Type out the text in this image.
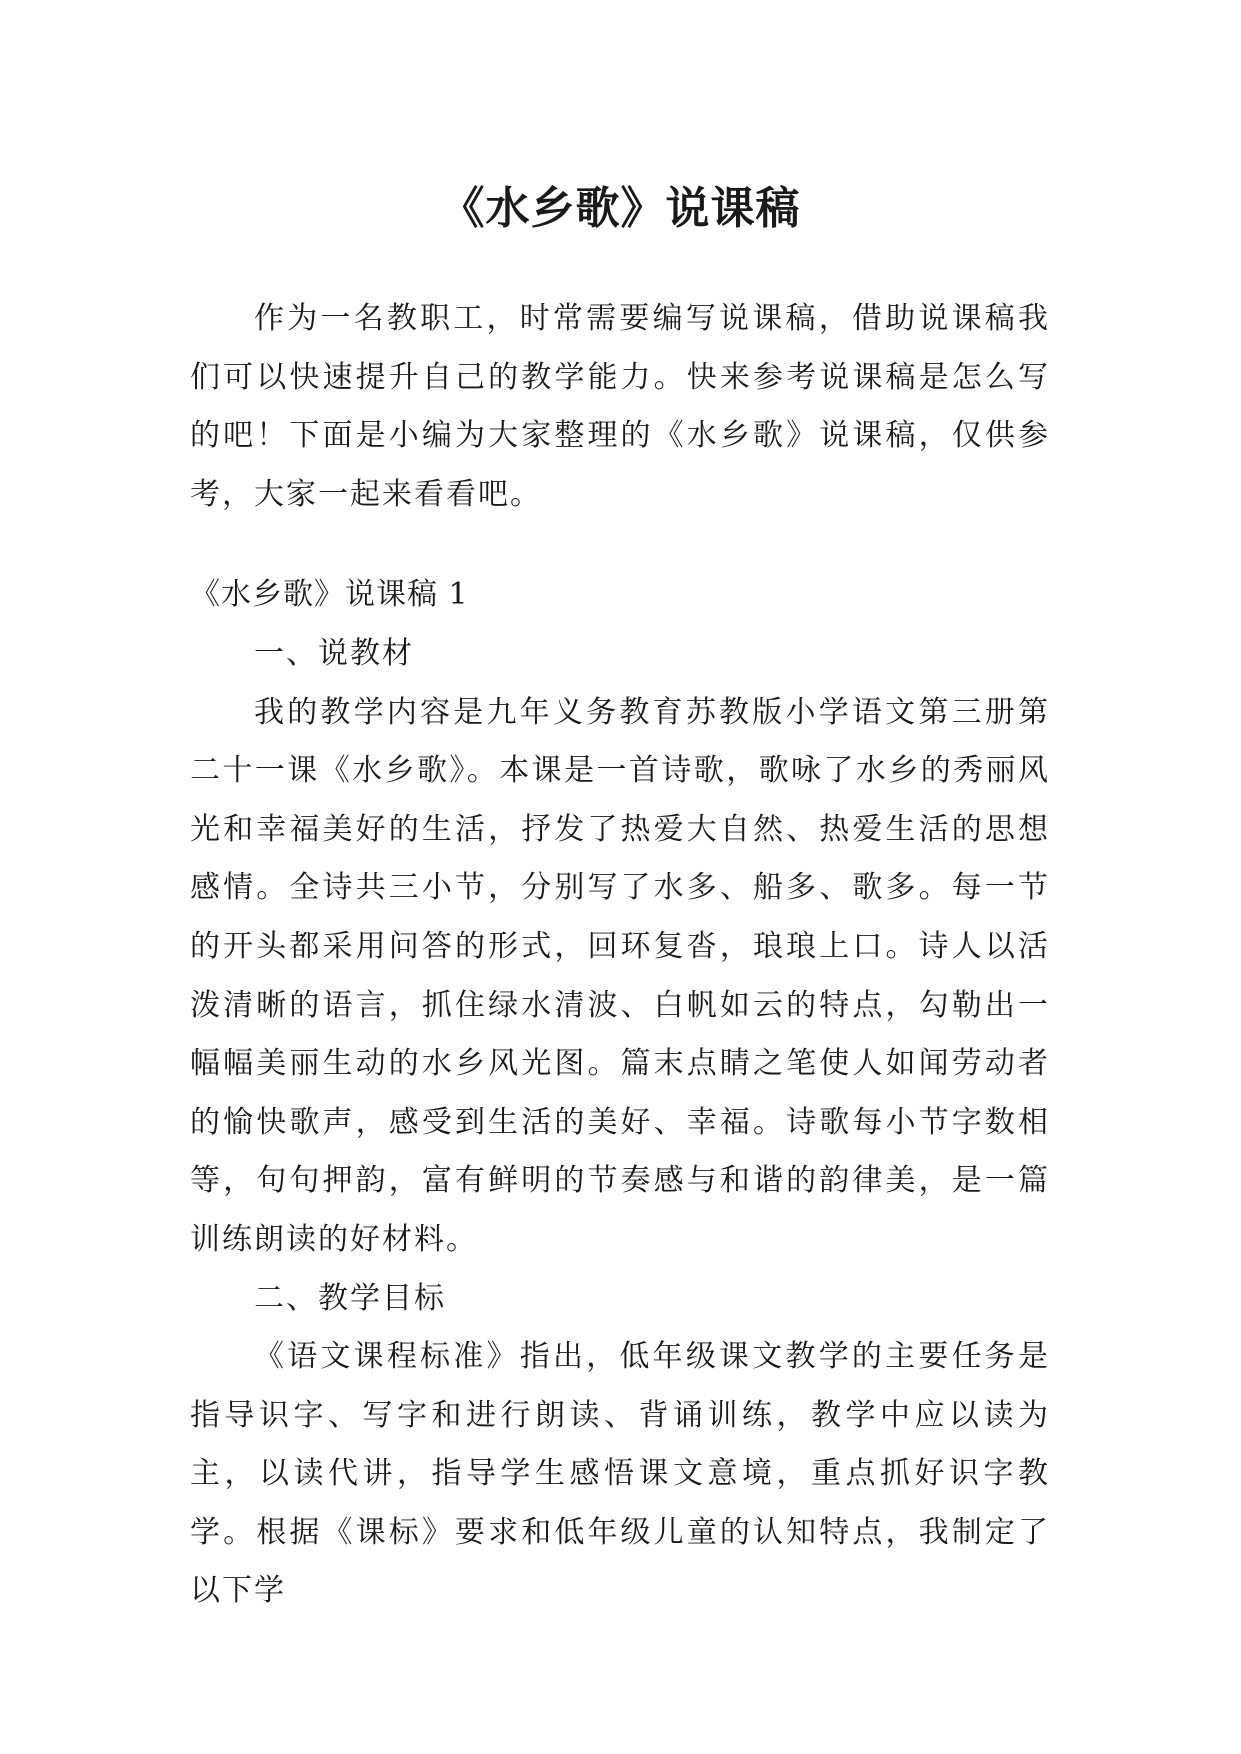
《水乡歌》说课稿

作为一名教职工，时常需要编写说课稿，借助说课稿我们可以快速提升自己的教学能力。快来参考说课稿是怎么写的吧！下面是小编为大家整理的《水乡歌》说课稿，仅供参考，大家一起来看看吧。

《水乡歌》说课稿 1

一、说教材

我的教学内容是九年义务教育苏教版小学语文第三册第二十一课《水乡歌》。本课是一首诗歌，歌咏了水乡的秀丽风光和幸福美好的生活，抒发了热爱大自然、热爱生活的思想感情。全诗共三小节，分别写了水多、船多、歌多。每一节的开头都采用问答的形式，回环复沓，琅琅上口。诗人以活泼清晰的语言，抓住绿水清波、白帆如云的特点，勾勒出一幅幅美丽生动的水乡风光图。篇末点睛之笔使人如闻劳动者的愉快歌声，感受到生活的美好、幸福。诗歌每小节字数相等，句句押韵，富有鲜明的节奏感与和谐的韵律美，是一篇训练朗读的好材料。

二、教学目标

《语文课程标准》指出，低年级课文教学的主要任务是指导识字、写字和进行朗读、背诵训练，教学中应以读为主，以读代讲，指导学生感悟课文意境，重点抓好识字教学。根据《课标》要求和低年级儿童的认知特点，我制定了以下学
